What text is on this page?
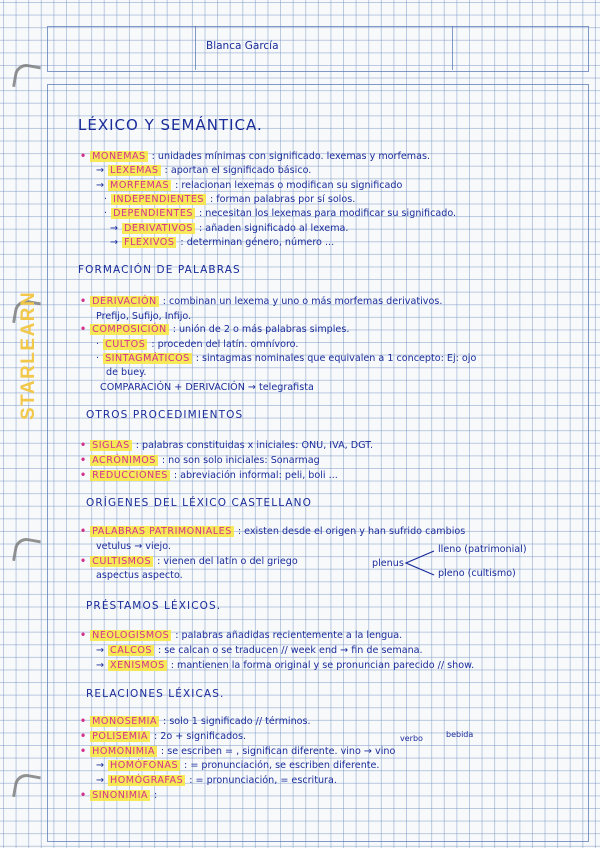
STARLEARN
Blanca García
LÉXICO Y SEMÁNTICA.
• MONEMAS : unidades mínimas con significado. lexemas y morfemas.
→ LEXEMAS : aportan el significado básico.
→ MORFEMAS : relacionan lexemas o modifican su significado
· INDEPENDIENTES : forman palabras por sí solos.
· DEPENDIENTES : necesitan los lexemas para modificar su significado.
→ DERIVATIVOS : añaden significado al lexema.
→ FLEXIVOS : determinan género, número ...
FORMACIÓN DE PALABRAS
• DERIVACIÓN : combinan un lexema y uno o más morfemas derivativos.
Prefijo, Sufijo, Infijo.
• COMPOSICIÓN : unión de 2 o más palabras simples.
· CULTOS : proceden del latín. omnívoro.
· SINTAGMÁTICOS : sintagmas nominales que equivalen a 1 concepto: Ej: ojo
de buey.
COMPARACIÓN + DERIVACIÓN → telegrafista
OTROS PROCEDIMIENTOS
• SIGLAS : palabras constituidas x iniciales: ONU, IVA, DGT.
• ACRÓNIMOS : no son solo iniciales: Sonarmag
• REDUCCIONES : abreviación informal: peli, boli ...
ORÍGENES DEL LÉXICO CASTELLANO
• PALABRAS PATRIMONIALES : existen desde el origen y han sufrido cambios
vetulus → viejo.
• CULTISMOS : vienen del latín o del griego
aspectus aspecto.
plenus
lleno (patrimonial)
pleno (cultismo)
PRÉSTAMOS LÉXICOS.
• NEOLOGISMOS : palabras añadidas recientemente a la lengua.
→ CALCOS : se calcan o se traducen // week end → fin de semana.
→ XENISMOS : mantienen la forma original y se pronuncian parecido // show.
RELACIONES LÉXICAS.
• MONOSEMIA : solo 1 significado // términos.
• POLISEMIA : 2o + significados.	verbo	bebida
• HOMONIMIA : se escriben = , significan diferente. vino → vino
→ HOMÓFONAS : = pronunciación, se escriben diferente.
→ HOMÓGRAFAS : = pronunciación, = escritura.
• SINONIMIA :
